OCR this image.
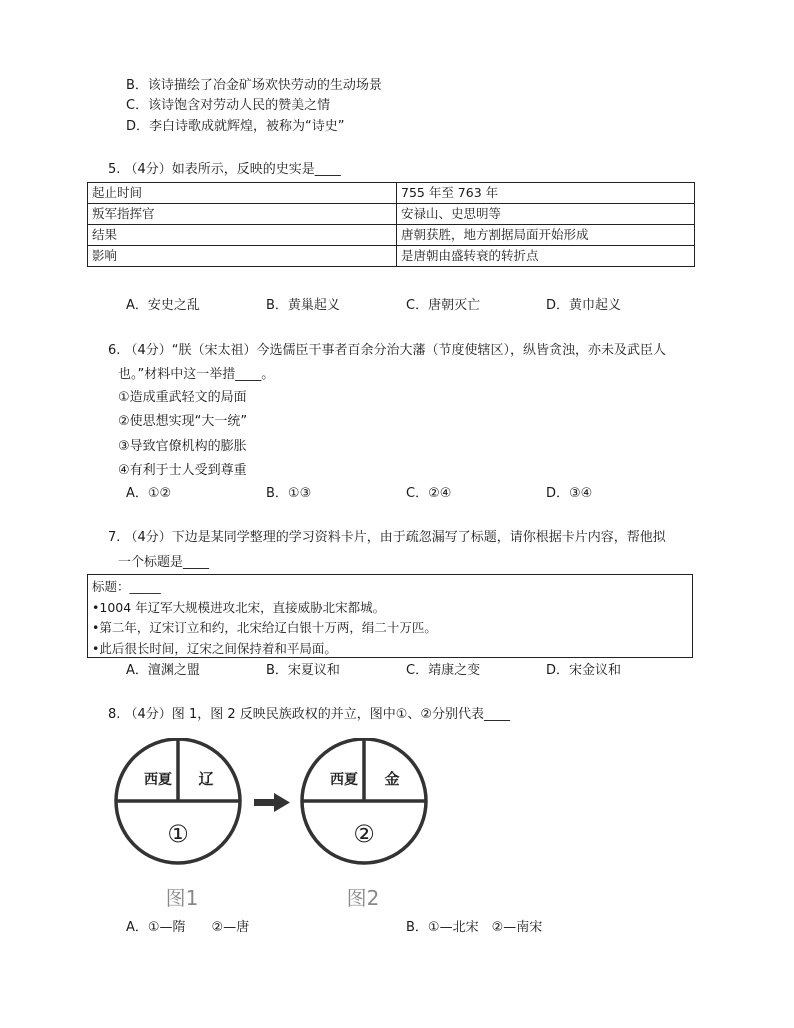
B．该诗描绘了冶金矿场欢快劳动的生动场景
C．该诗饱含对劳动人民的赞美之情
D．李白诗歌成就辉煌，被称为“诗史”
5. （4分）如表所示，反映的史实是____
起止时间	755 年至 763 年
叛军指挥官	安禄山、史思明等
结果	唐朝获胜，地方割据局面开始形成
影响	是唐朝由盛转衰的转折点
A．安史之乱	B．黄巢起义	C．唐朝灭亡	D．黄巾起义
6. （4分）“朕（宋太祖）今选儒臣干事者百余分治大藩（节度使辖区），纵皆贪浊，亦未及武臣人
也。”材料中这一举措____。
①造成重武轻文的局面
②使思想实现“大一统”
③导致官僚机构的膨胀
④有利于士人受到尊重
A．①②	B．①③	C．②④	D．③④
7. （4分）下边是某同学整理的学习资料卡片，由于疏忽漏写了标题，请你根据卡片内容，帮他拟
一个标题是____
标题：_____
•1004 年辽军大规模进攻北宋，直接威胁北宋都城。
•第二年，辽宋订立和约，北宋给辽白银十万两，绢二十万匹。
•此后很长时间，辽宋之间保持着和平局面。
A．澶渊之盟	B．宋夏议和	C．靖康之变	D．宋金议和
8. （4分）图 1，图 2 反映民族政权的并立，图中①、②分别代表____
西夏 辽
①
西夏 金
②
图1	图2
A．①—隋　　②—唐	B．①—北宋　②—南宋
